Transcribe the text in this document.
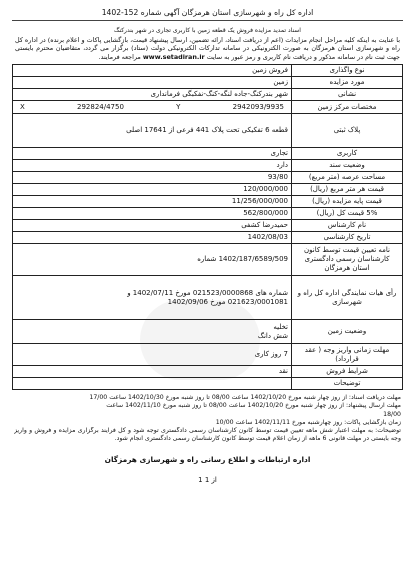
اداره کل راه و شهرسازی استان هرمزگان آگهی شماره 152-1402
اسناد تمدید مزایده فروش یک قطعه زمین با کاربری تجاری در شهر بندرکنگ
با عنایت به اینکه کلیه مراحل انجام مزایدات (اعم از دریافت اسناد، ارائه تضمین، ارسال پیشنهاد قیمت، بازگشایی پاکات و اعلام برنده) در اداره کل راه و شهرسازی استان هرمزگان به صورت الکترونیکی در سامانه تدارکات الکترونیکی دولت (ستاد) برگزار می گردد، متقاضیان محترم بایستی جهت ثبت نام در سامانه مذکور و دریافت نام کاربری و رمز عبور به سایت www.setadiran.ir مراجعه فرمایند.
نوع واگذاری	فروش زمین
مورد مزایده	زمین
نشانی	شهر بندرکنگ-جاده لنگه-کنگ-نفکبگی فرمانداری
مختصات مرکز زمین	X 292824/4750 Y 2942093/9935

پلاک ثبتی	قطعه 6 تفکیکی تحت پلاک 441 فرعی از 17641 اصلی
کاربری	تجاری
وضعیت سند	دارد
مساحت عرصه (متر مربع)	93/80
قیمت هر متر مربع (ریال)	120/000/000
قیمت پایه مزایده (ریال)	11/256/000/000
5% قیمت کل (ریال)	562/800/000
نام کارشناس	حمیدرضا کشفی
تاریخ کارشناسی	1402/08/03
نامه تعیین قیمت توسط کانون کارشناسان رسمی دادگستری استان هرمزگان	1402/187/6589/509 شماره
رأی هیات نمایندگی اداره کل راه و شهرسازی	شماره های 021523/0000868 مورخ 1402/07/11 و
021623/0001081 مورخ 1402/09/06

وضعیت زمین	تخلیه
شش دانگ

مهلت زمانی واریز وجه ( عقد قرارداد)	7 روز کاری
شرایط فروش	نقد
توضیحات	
مهلت دریافت اسناد: از روز چهار شنبه مورخ 1402/10/20 ساعت 08/00 تا روز شنبه مورخ 1402/10/30 ساعت 17/00
مهلت ارسال پیشنهاد: از روز چهار شنبه مورخ 1402/10/20 ساعت 08/00 تا روز شنبه مورخ 1402/11/10 ساعت
18/00
زمان بازگشایی پاکات: روز چهارشنبه مورخ 1402/11/11 ساعت 10/00
توضیحات: به مهلت اعتبار شش ماهه تعیین قیمت توسط کانون کارشناسان رسمی دادگستری توجه شود و کل فرایند برگزاری مزایده و فروش و واریز وجه بایستی در مهلت قانونی 6 ماهه از زمان اعلام قیمت توسط کانون کارشناسان رسمی دادگستری انجام شود.
اداره ارتباطات و اطلاع رسانی راه و شهرسازی هرمزگان
1 از 1
